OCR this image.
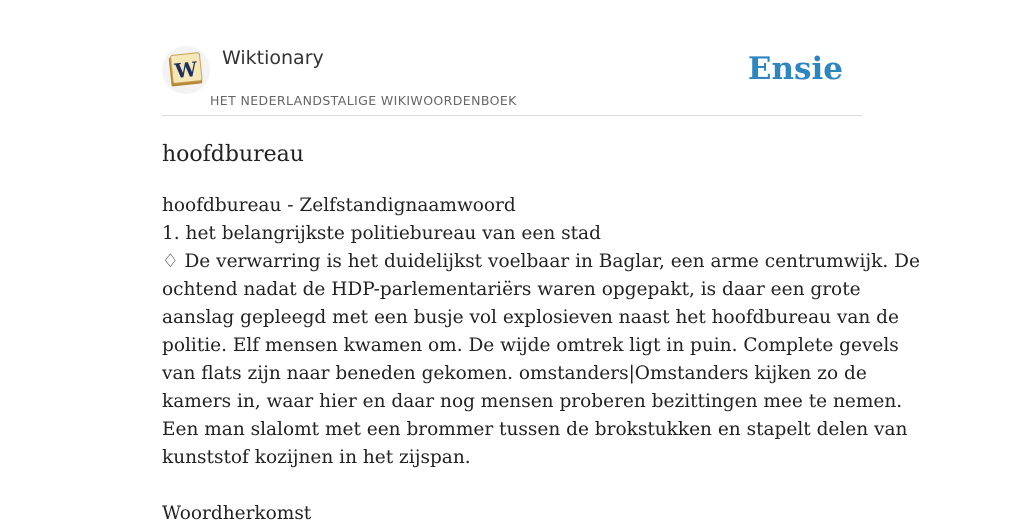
W Wiktionary
HET NEDERLANDSTALIGE WIKIWOORDENBOEK
Ensie
hoofdbureau

hoofdbureau - Zelfstandignaamwoord

1. het belangrijkste politiebureau van een stad

♢ De verwarring is het duidelijkst voelbaar in Baglar, een arme centrumwijk. De
ochtend nadat de HDP-parlementariërs waren opgepakt, is daar een grote
aanslag gepleegd met een busje vol explosieven naast het hoofdbureau van de
politie. Elf mensen kwamen om. De wijde omtrek ligt in puin. Complete gevels
van flats zijn naar beneden gekomen. omstanders|Omstanders kijken zo de
kamers in, waar hier en daar nog mensen proberen bezittingen mee te nemen.
Een man slalomt met een brommer tussen de brokstukken en stapelt delen van
kunststof kozijnen in het zijspan.

Woordherkomst
